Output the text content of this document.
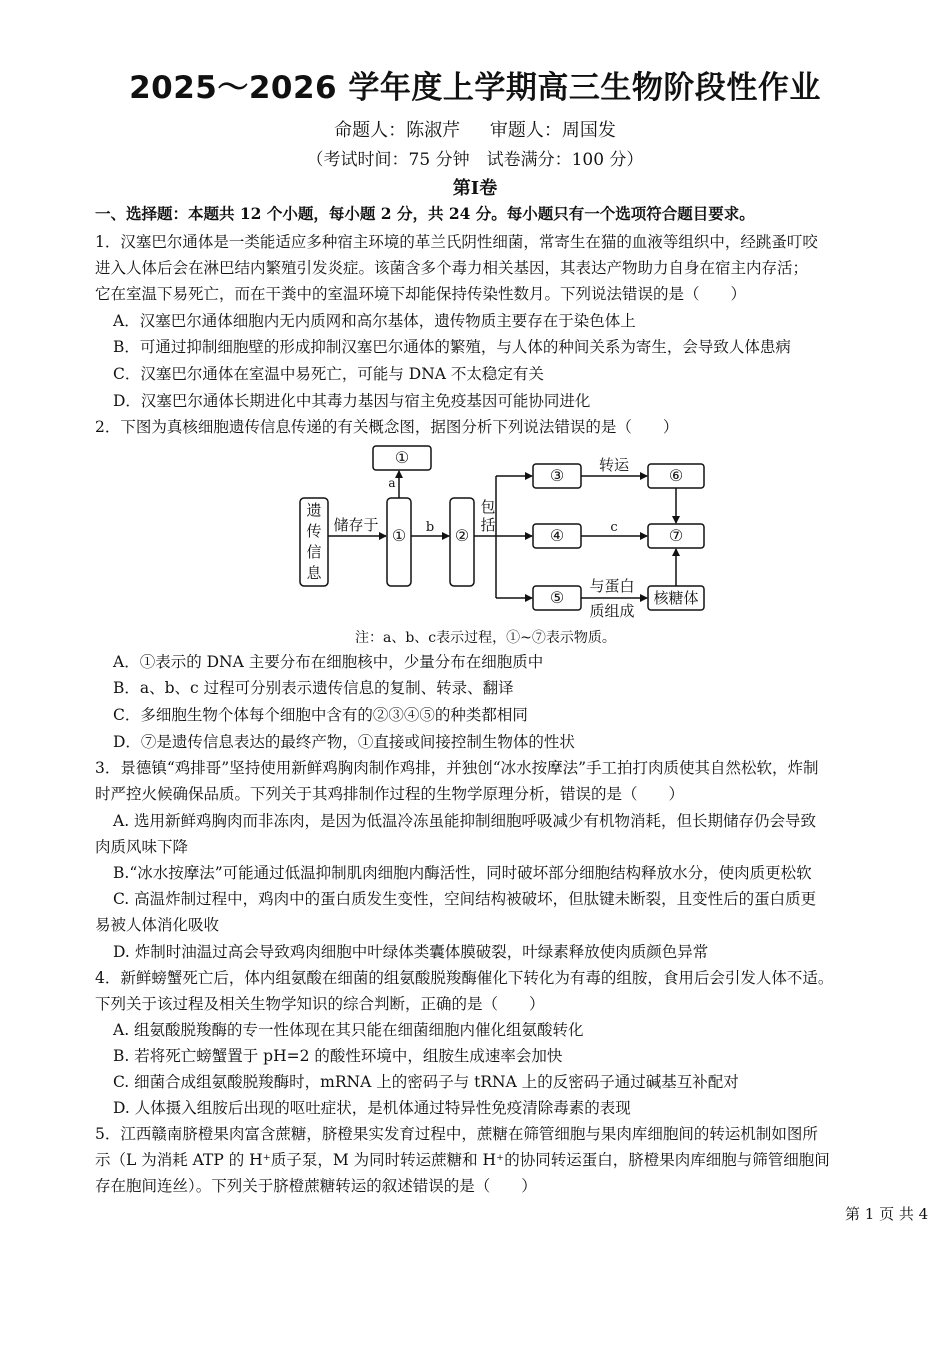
2025～2026 学年度上学期高三生物阶段性作业
命题人：陈淑芹 审题人：周国发
（考试时间：75 分钟　试卷满分：100 分）
第Ⅰ卷
一、选择题：本题共 12 个小题，每小题 2 分，共 24 分。每小题只有一个选项符合题目要求。
1．汉塞巴尔通体是一类能适应多种宿主环境的革兰氏阴性细菌，常寄生在猫的血液等组织中，经跳蚤叮咬
进入人体后会在淋巴结内繁殖引发炎症。该菌含多个毒力相关基因，其表达产物助力自身在宿主内存活；
它在室温下易死亡，而在干粪中的室温环境下却能保持传染性数月。下列说法错误的是（　　）
A．汉塞巴尔通体细胞内无内质网和高尔基体，遗传物质主要存在于染色体上
B．可通过抑制细胞壁的形成抑制汉塞巴尔通体的繁殖，与人体的种间关系为寄生，会导致人体患病
C．汉塞巴尔通体在室温中易死亡，可能与 DNA 不太稳定有关
D．汉塞巴尔通体长期进化中其毒力基因与宿主免疫基因可能协同进化
2．下图为真核细胞遗传信息传递的有关概念图，据图分析下列说法错误的是（　　）
遗
传
信
息
储存于
①	②
①
③
④
⑤
⑥
⑦
核糖体
a
b	c
包
括
转运
与蛋白
质组成
注：a、b、c表示过程，①~⑦表示物质。
A．①表示的 DNA 主要分布在细胞核中，少量分布在细胞质中
B．a、b、c 过程可分别表示遗传信息的复制、转录、翻译
C．多细胞生物个体每个细胞中含有的②③④⑤的种类都相同
D．⑦是遗传信息表达的最终产物，①直接或间接控制生物体的性状
3．景德镇“鸡排哥”坚持使用新鲜鸡胸肉制作鸡排，并独创“冰水按摩法”手工拍打肉质使其自然松软，炸制
时严控火候确保品质。下列关于其鸡排制作过程的生物学原理分析，错误的是（　　）
A. 选用新鲜鸡胸肉而非冻肉，是因为低温冷冻虽能抑制细胞呼吸减少有机物消耗，但长期储存仍会导致
肉质风味下降
B.“冰水按摩法”可能通过低温抑制肌肉细胞内酶活性，同时破坏部分细胞结构释放水分，使肉质更松软
C. 高温炸制过程中，鸡肉中的蛋白质发生变性，空间结构被破坏，但肽键未断裂，且变性后的蛋白质更
易被人体消化吸收
D. 炸制时油温过高会导致鸡肉细胞中叶绿体类囊体膜破裂，叶绿素释放使肉质颜色异常
4．新鲜螃蟹死亡后，体内组氨酸在细菌的组氨酸脱羧酶催化下转化为有毒的组胺，食用后会引发人体不适。
下列关于该过程及相关生物学知识的综合判断，正确的是（　　）
A. 组氨酸脱羧酶的专一性体现在其只能在细菌细胞内催化组氨酸转化
B. 若将死亡螃蟹置于 pH=2 的酸性环境中，组胺生成速率会加快
C. 细菌合成组氨酸脱羧酶时，mRNA 上的密码子与 tRNA 上的反密码子通过碱基互补配对
D. 人体摄入组胺后出现的呕吐症状，是机体通过特异性免疫清除毒素的表现
5．江西赣南脐橙果肉富含蔗糖，脐橙果实发育过程中，蔗糖在筛管细胞与果肉库细胞间的转运机制如图所
示（L 为消耗 ATP 的 H⁺质子泵，M 为同时转运蔗糖和 H⁺的协同转运蛋白，脐橙果肉库细胞与筛管细胞间
存在胞间连丝）。下列关于脐橙蔗糖转运的叙述错误的是（　　）
第 1 页 共 4
